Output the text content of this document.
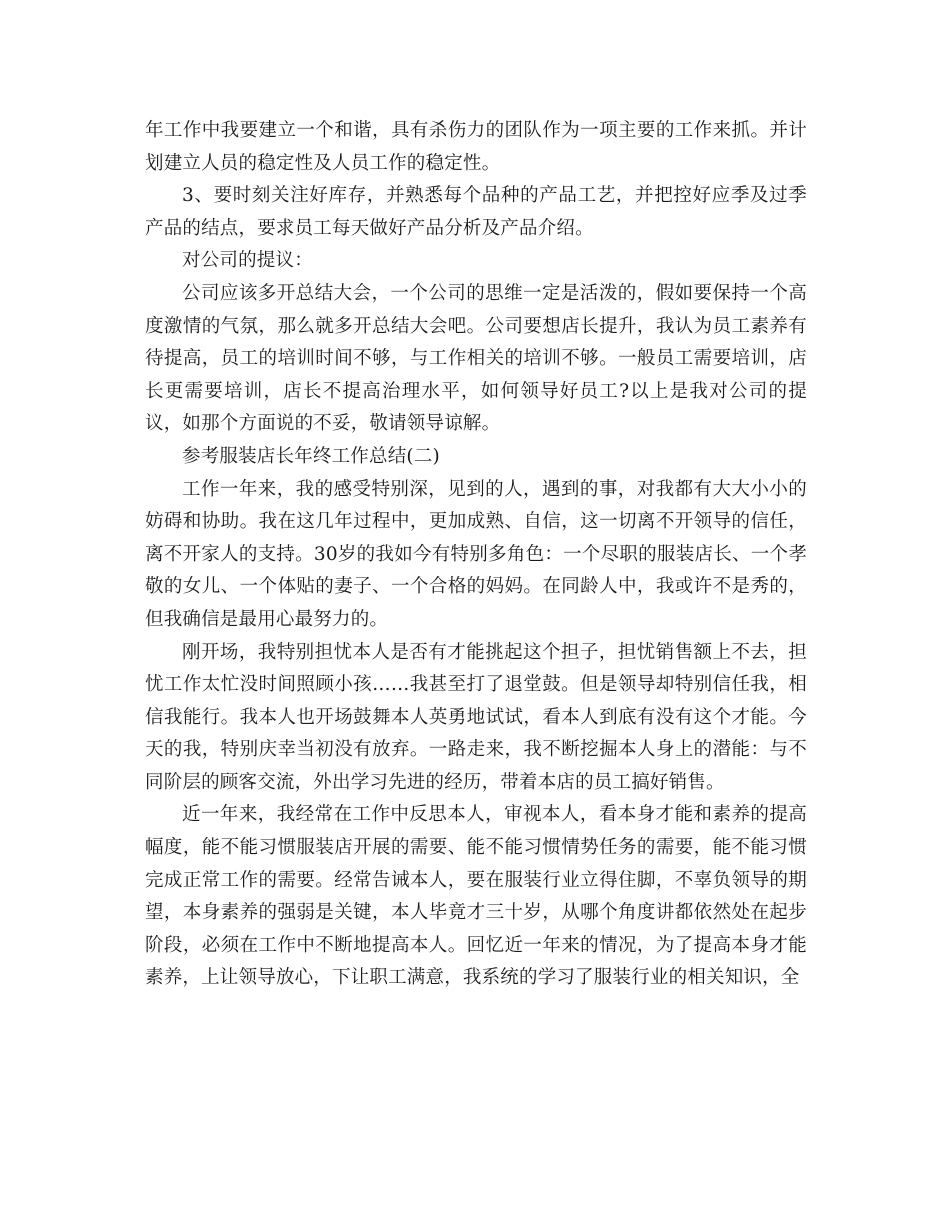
年工作中我要建立一个和谐，具有杀伤力的团队作为一项主要的工作来抓。并计划建立人员的稳定性及人员工作的稳定性。

3、要时刻关注好库存，并熟悉每个品种的产品工艺，并把控好应季及过季产品的结点，要求员工每天做好产品分析及产品介绍。

对公司的提议：

公司应该多开总结大会，一个公司的思维一定是活泼的，假如要保持一个高度激情的气氛，那么就多开总结大会吧。公司要想店长提升，我认为员工素养有待提高，员工的培训时间不够，与工作相关的培训不够。一般员工需要培训，店长更需要培训，店长不提高治理水平，如何领导好员工?以上是我对公司的提议，如那个方面说的不妥，敬请领导谅解。

参考服装店长年终工作总结(二)

工作一年来，我的感受特别深，见到的人，遇到的事，对我都有大大小小的妨碍和协助。我在这几年过程中，更加成熟、自信，这一切离不开领导的信任，离不开家人的支持。30岁的我如今有特别多角色：一个尽职的服装店长、一个孝敬的女儿、一个体贴的妻子、一个合格的妈妈。在同龄人中，我或许不是秀的，但我确信是最用心最努力的。

刚开场，我特别担忧本人是否有才能挑起这个担子，担忧销售额上不去，担忧工作太忙没时间照顾小孩……我甚至打了退堂鼓。但是领导却特别信任我，相信我能行。我本人也开场鼓舞本人英勇地试试，看本人到底有没有这个才能。今天的我，特别庆幸当初没有放弃。一路走来，我不断挖掘本人身上的潜能：与不同阶层的顾客交流，外出学习先进的经历，带着本店的员工搞好销售。

近一年来，我经常在工作中反思本人，审视本人，看本身才能和素养的提高幅度，能不能习惯服装店开展的需要、能不能习惯情势任务的需要，能不能习惯完成正常工作的需要。经常告诫本人，要在服装行业立得住脚，不辜负领导的期望，本身素养的强弱是关键，本人毕竟才三十岁，从哪个角度讲都依然处在起步阶段，必须在工作中不断地提高本人。回忆近一年来的情况，为了提高本身才能素养，上让领导放心，下让职工满意，我系统的学习了服装行业的相关知识，全
